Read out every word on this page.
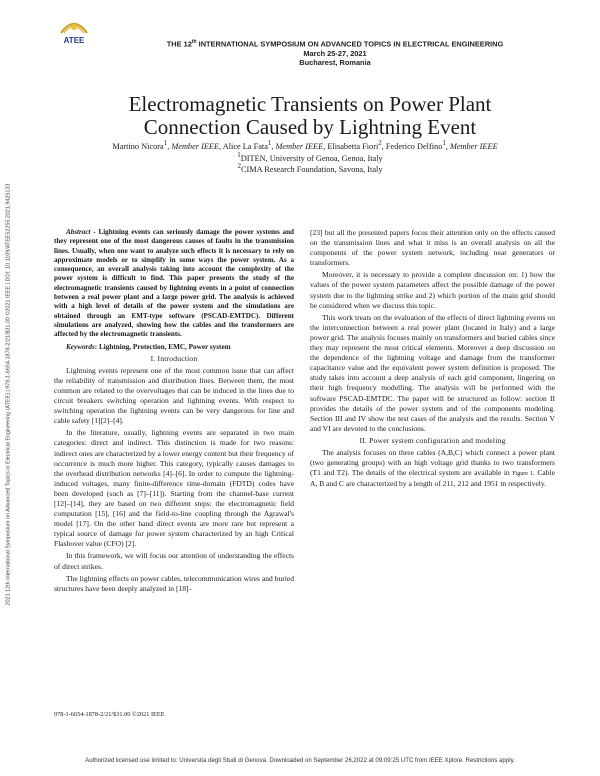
ATEE	THE 12th INTERNATIONAL SYMPOSIUM ON ADVANCED TOPICS IN ELECTRICAL ENGINEERING
March 25-27, 2021
Bucharest, Romania
2021 12th International Symposium on Advanced Topics in Electrical Engineering (ATEE) | 978-1-6654-1878-2/21/$31.00 ©2021 IEEE | DOI: 10.1109/ATEE52255.2021.9425133
Electromagnetic Transients on Power Plant
Connection Caused by Lightning Event
Martino Nicora$^1$, Member IEEE, Alice La Fata$^1$, Member IEEE, Elisabetta Fiori$^2$, Federico Delfino$^1$, Member IEEE
$^1$DITEN, University of Genoa, Genoa, Italy
$^2$CIMA Research Foundation, Savona, Italy

Abstract - Lightning events can seriously damage the power systems and they represent one of the most dangerous causes of faults in the transmission lines. Usually, when one want to analyze such effects it is necessary to rely on approximate models or to simplify in some ways the power system. As a consequence, an overall analysis taking into account the complexity of the power system is difficult to find. This paper presents the study of the electromagnetic transients caused by lightning events in a point of connection between a real power plant and a large power grid. The analysis is achieved with a high level of details of the power system and the simulations are obtained through an EMT-type software (PSCAD-EMTDC). Different simulations are analyzed, showing how the cables and the transformers are affected by the electromagnetic transients.

Keywords: Lightning, Protection, EMC, Power system

I. Introduction

Lightning events represent one of the most common issue that can affect the reliability of transmission and distribution lines. Between them, the most common are related to the overvoltages that can be induced in the lines due to circuit breakers switching operation and lightning events. With respect to switching operation the lightning events can be very dangerous for line and cable safety [1][2]–[4].

In the literature, usually, lightning events are separated in two main categories: direct and indirect. This distinction is made for two reasons: indirect ones are characterized by a lower energy content but their frequency of occurrence is much more higher. This category, typically causes damages to the overhead distribution networks [4]–[6]. In order to compute the lightning-induced voltages, many finite-difference time-domain (FDTD) codes have been developed (such as [7]–[11]). Starting from the channel-base current [12]–[14], they are based on two different steps: the electromagnetic field computation [15], [16] and the field-to-line coupling through the Agrawal's model [17]. On the other hand direct events are more rare but represent a typical source of damage for power system characterized by an high Critical Flashover value (CFO) [2].

In this framework, we will focus our attention of understanding the effects of direct strikes.

The lightning effects on power cables, telecommunication wires and buried structures have been deeply analyzed in [18]–

[23] but all the presented papers focus their attention only on the effects caused on the transmission lines and what it miss is an overall analysis on all the components of the power system network, including near generators or transformers.

Moreover, it is necessary to provide a complete discussion on: 1) how the values of the power system parameters affect the possible damage of the power system due to the lightning strike and 2) which portion of the main grid should be considered when we discuss this topic.

This work treats on the evaluation of the effects of direct lightning events on the interconnection between a real power plant (located in Italy) and a large power grid. The analysis focuses mainly on transformers and buried cables since they may represent the most critical elements. Moreover a deep discussion on the dependence of the lightning voltage and damage from the transformer capacitance value and the equivalent power system definition is proposed. The study takes into account a deep analysis of each grid component, lingering on their high frequency modelling. The analysis will be performed with the software PSCAD-EMTDC. The paper will be structured as follow: section II provides the details of the power system and of the components modeling. Section III and IV show the test cases of the analysis and the results. Section V and VI are devoted to the conclusions.

II. Power system configuration and modeling

The analysis focuses on three cables (A,B,C) which connect a power plant (two generating groups) with an high voltage grid thanks to two transformers (T1 and T2). The details of the electrical system are available in Figure 1. Cable A, B and C are characterized by a length of 211, 212 and 1951 m respectively.

978-1-6654-1878-2/21/$31.00 ©2021 IEEE
Authorized licensed use limited to: Universita degli Studi di Genova. Downloaded on September 26,2022 at 09:09:25 UTC from IEEE Xplore. Restrictions apply.
